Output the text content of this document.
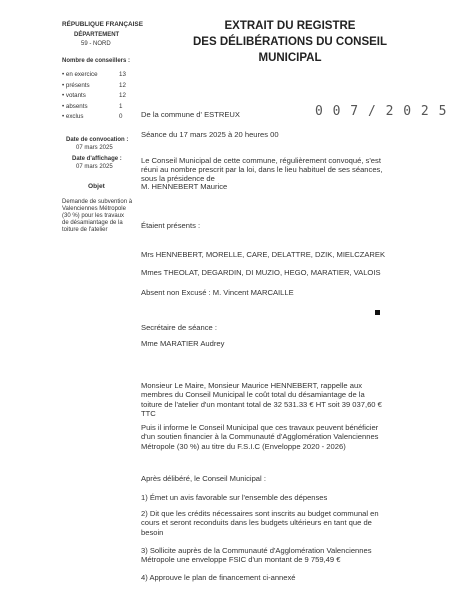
RÉPUBLIQUE FRANÇAISE
DÉPARTEMENT
59 - NORD
EXTRAIT DU REGISTRE
DES DÉLIBÉRATIONS DU CONSEIL
MUNICIPAL
Nombre de conseillers :
• en exercice	13
• présents	12
• votants	12
• absents	1
• exclus	0
Date de convocation :
07 mars 2025
Date d'affichage :
07 mars 2025
Objet
Demande de subvention à
Valenciennes Métropole
(30 %) pour les travaux
de désamiantage de la
toiture de l'atelier
0 0 7 / 2 0 2 5
De la commune d' ESTREUX
Séance du 17 mars 2025 à 20 heures 00
Le Conseil Municipal de cette commune, régulièrement convoqué, s'est
réuni au nombre prescrit par la loi, dans le lieu habituel de ses séances,
sous la présidence de
M. HENNEBERT Maurice
Étaient présents :
Mrs HENNEBERT, MORELLE, CARE, DELATTRE, DZIK, MIELCZAREK
Mmes THEOLAT, DEGARDIN, DI MUZIO, HEGO, MARATIER, VALOIS
Absent non Excusé : M. Vincent MARCAILLE
Secrétaire de séance :
Mme MARATIER Audrey
Monsieur Le Maire, Monsieur Maurice HENNEBERT, rappelle aux membres du Conseil Municipal le coût total du désamiantage de la toiture de l'atelier d'un montant total de 32 531.33 € HT soit 39 037,60 € TTC
Puis il informe le Conseil Municipal que ces travaux peuvent bénéficier d'un soutien financier à la Communauté d'Agglomération Valenciennes Métropole (30 %) au titre du F.S.I.C (Enveloppe 2020 - 2026)
Après délibéré, le Conseil Municipal :
1) Émet un avis favorable sur l'ensemble des dépenses
2) Dit que les crédits nécessaires sont inscrits au budget communal en cours et seront reconduits dans les budgets ultérieurs en tant que de besoin
3) Sollicite auprès de la Communauté d'Agglomération Valenciennes Métropole une enveloppe FSIC d'un montant de 9 759,49 €
4) Approuve le plan de financement ci-annexé
